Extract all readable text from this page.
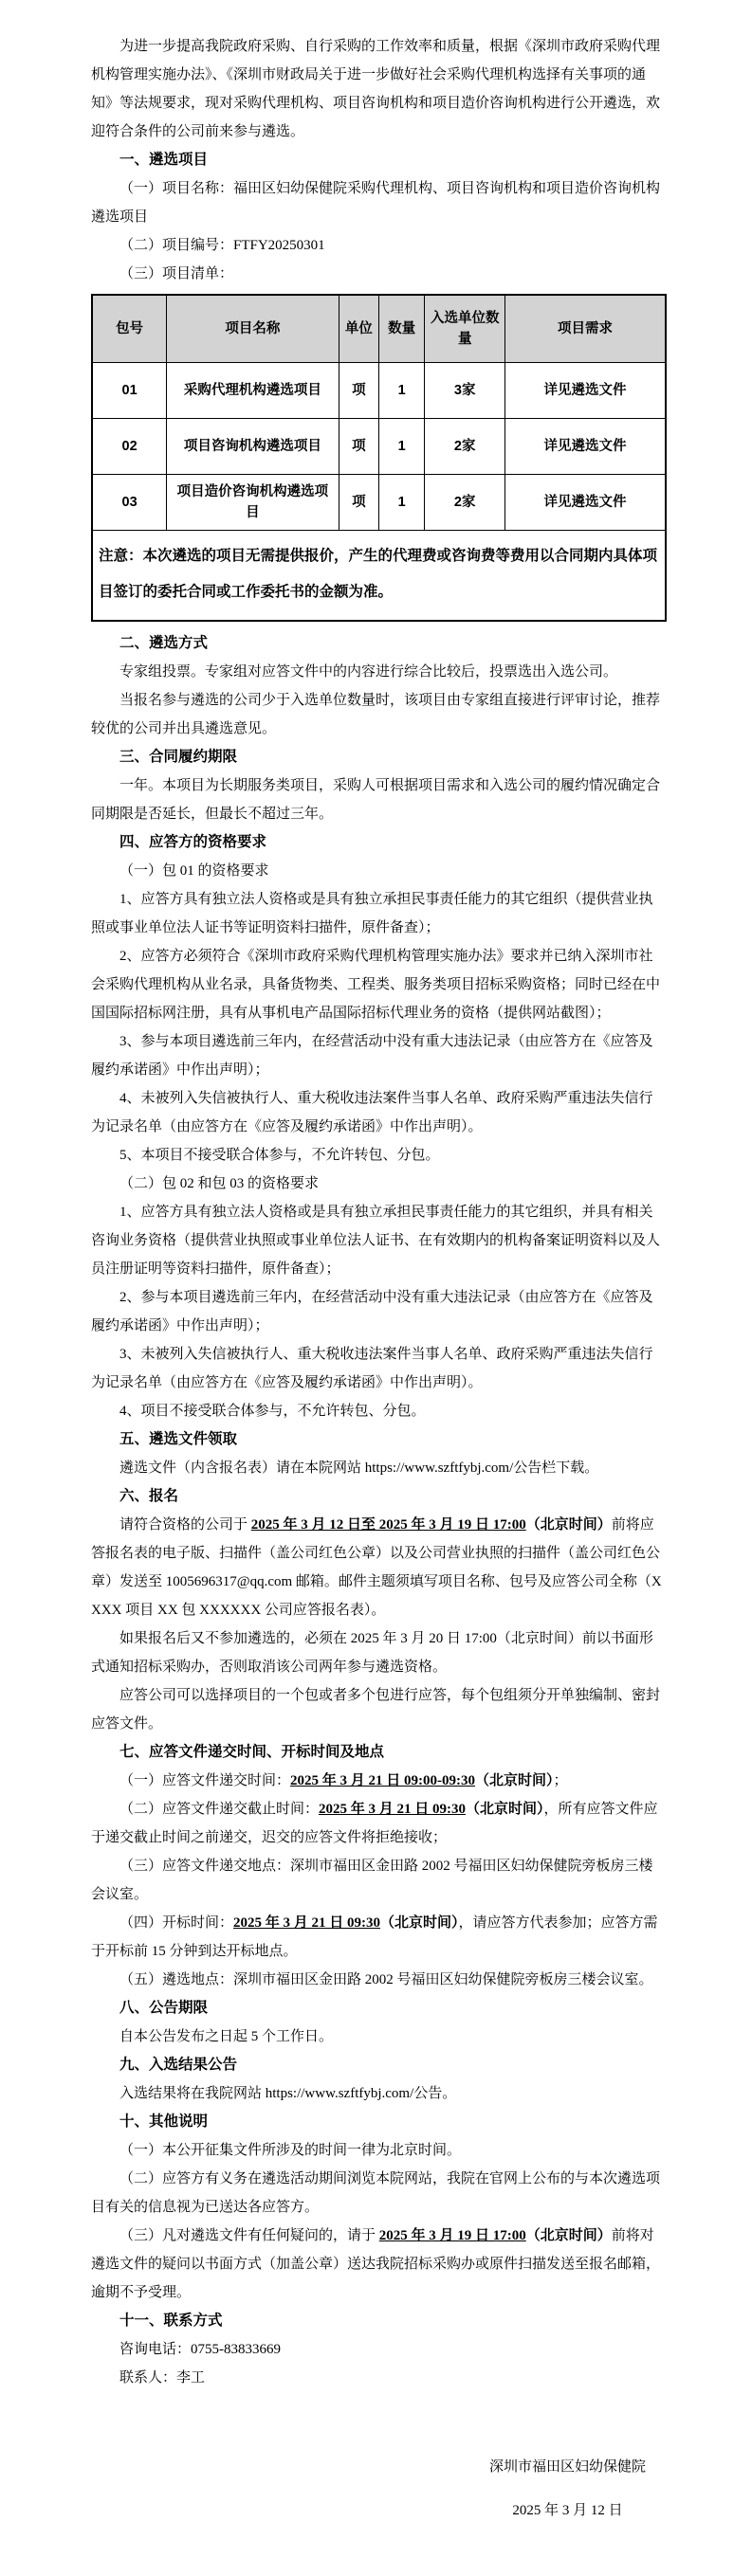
为进一步提高我院政府采购、自行采购的工作效率和质量，根据《深圳市政府采购代理机构管理实施办法》、《深圳市财政局关于进一步做好社会采购代理机构选择有关事项的通知》等法规要求，现对采购代理机构、项目咨询机构和项目造价咨询机构进行公开遴选，欢迎符合条件的公司前来参与遴选。

一、遴选项目

（一）项目名称：福田区妇幼保健院采购代理机构、项目咨询机构和项目造价咨询机构遴选项目

（二）项目编号：FTFY20250301

（三）项目清单：

包号	项目名称	单位	数量	入选单位数量	项目需求
01	采购代理机构遴选项目	项	1	3家	详见遴选文件
02	项目咨询机构遴选项目	项	1	2家	详见遴选文件
03	项目造价咨询机构遴选项目	项	1	2家	详见遴选文件
注意：本次遴选的项目无需提供报价，产生的代理费或咨询费等费用以合同期内具体项目签订的委托合同或工作委托书的金额为准。					

二、遴选方式

专家组投票。专家组对应答文件中的内容进行综合比较后，投票选出入选公司。

当报名参与遴选的公司少于入选单位数量时，该项目由专家组直接进行评审讨论，推荐较优的公司并出具遴选意见。

三、合同履约期限

一年。本项目为长期服务类项目，采购人可根据项目需求和入选公司的履约情况确定合同期限是否延长，但最长不超过三年。

四、应答方的资格要求

（一）包 01 的资格要求

1、应答方具有独立法人资格或是具有独立承担民事责任能力的其它组织（提供营业执照或事业单位法人证书等证明资料扫描件，原件备查）；

2、应答方必须符合《深圳市政府采购代理机构管理实施办法》要求并已纳入深圳市社会采购代理机构从业名录，具备货物类、工程类、服务类项目招标采购资格；同时已经在中国国际招标网注册，具有从事机电产品国际招标代理业务的资格（提供网站截图）；

3、参与本项目遴选前三年内，在经营活动中没有重大违法记录（由应答方在《应答及履约承诺函》中作出声明）；

4、未被列入失信被执行人、重大税收违法案件当事人名单、政府采购严重违法失信行为记录名单（由应答方在《应答及履约承诺函》中作出声明）。

5、本项目不接受联合体参与，不允许转包、分包。

（二）包 02 和包 03 的资格要求

1、应答方具有独立法人资格或是具有独立承担民事责任能力的其它组织，并具有相关咨询业务资格（提供营业执照或事业单位法人证书、在有效期内的机构备案证明资料以及人员注册证明等资料扫描件，原件备查）；

2、参与本项目遴选前三年内，在经营活动中没有重大违法记录（由应答方在《应答及履约承诺函》中作出声明）；

3、未被列入失信被执行人、重大税收违法案件当事人名单、政府采购严重违法失信行为记录名单（由应答方在《应答及履约承诺函》中作出声明）。

4、项目不接受联合体参与，不允许转包、分包。

五、遴选文件领取

遴选文件（内含报名表）请在本院网站 https://www.szftfybj.com/公告栏下载。

六、报名

请符合资格的公司于 2025 年 3 月 12 日至 2025 年 3 月 19 日 17:00（北京时间）前将应答报名表的电子版、扫描件（盖公司红色公章）以及公司营业执照的扫描件（盖公司红色公章）发送至 1005696317@qq.com 邮箱。邮件主题须填写项目名称、包号及应答公司全称（XXXX 项目 XX 包 XXXXXX 公司应答报名表）。

如果报名后又不参加遴选的，必须在 2025 年 3 月 20 日 17:00（北京时间）前以书面形式通知招标采购办，否则取消该公司两年参与遴选资格。

应答公司可以选择项目的一个包或者多个包进行应答，每个包组须分开单独编制、密封应答文件。

七、应答文件递交时间、开标时间及地点

（一）应答文件递交时间：2025 年 3 月 21 日 09:00-09:30（北京时间）；

（二）应答文件递交截止时间：2025 年 3 月 21 日 09:30（北京时间），所有应答文件应于递交截止时间之前递交，迟交的应答文件将拒绝接收；

（三）应答文件递交地点：深圳市福田区金田路 2002 号福田区妇幼保健院旁板房三楼会议室。

（四）开标时间：2025 年 3 月 21 日 09:30（北京时间），请应答方代表参加；应答方需于开标前 15 分钟到达开标地点。

（五）遴选地点：深圳市福田区金田路 2002 号福田区妇幼保健院旁板房三楼会议室。

八、公告期限

自本公告发布之日起 5 个工作日。

九、入选结果公告

入选结果将在我院网站 https://www.szftfybj.com/公告。

十、其他说明

（一）本公开征集文件所涉及的时间一律为北京时间。

（二）应答方有义务在遴选活动期间浏览本院网站，我院在官网上公布的与本次遴选项目有关的信息视为已送达各应答方。

（三）凡对遴选文件有任何疑问的，请于 2025 年 3 月 19 日 17:00（北京时间）前将对遴选文件的疑问以书面方式（加盖公章）送达我院招标采购办或原件扫描发送至报名邮箱，逾期不予受理。

十一、联系方式

咨询电话：0755-83833669

联系人：李工

深圳市福田区妇幼保健院
2025 年 3 月 12 日
